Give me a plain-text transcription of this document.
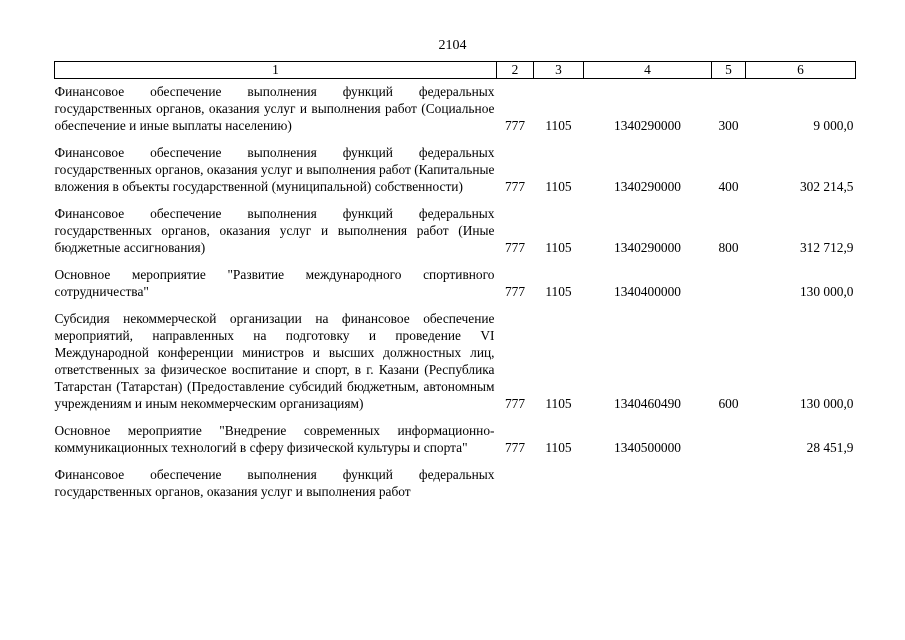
2104
1	2	3	4	5	6
Финансовое обеспечение выполнения функций федеральных государственных органов, оказания услуг и выполнения работ (Социальное обеспечение и иные выплаты населению)	777	1105	1340290000	300	9 000,0
Финансовое обеспечение выполнения функций федеральных государственных органов, оказания услуг и выполнения работ (Капитальные вложения в объекты государственной (муниципальной) собственности)	777	1105	1340290000	400	302 214,5
Финансовое обеспечение выполнения функций федеральных государственных органов, оказания услуг и выполнения работ (Иные бюджетные ассигнования)	777	1105	1340290000	800	312 712,9
Основное мероприятие "Развитие международного спортивного сотрудничества"	777	1105	1340400000		130 000,0
Субсидия некоммерческой организации на финансовое обеспечение мероприятий, направленных на подготовку и проведение VI Международной конференции министров и высших должностных лиц, ответственных за физическое воспитание и спорт, в г. Казани (Республика Татарстан (Татарстан) (Предоставление субсидий бюджетным, автономным учреждениям и иным некоммерческим организациям)	777	1105	1340460490	600	130 000,0
Основное мероприятие "Внедрение современных информационно-коммуникационных технологий в сферу физической культуры и спорта"	777	1105	1340500000		28 451,9
Финансовое обеспечение выполнения функций федеральных государственных органов, оказания услуг и выполнения работ					
